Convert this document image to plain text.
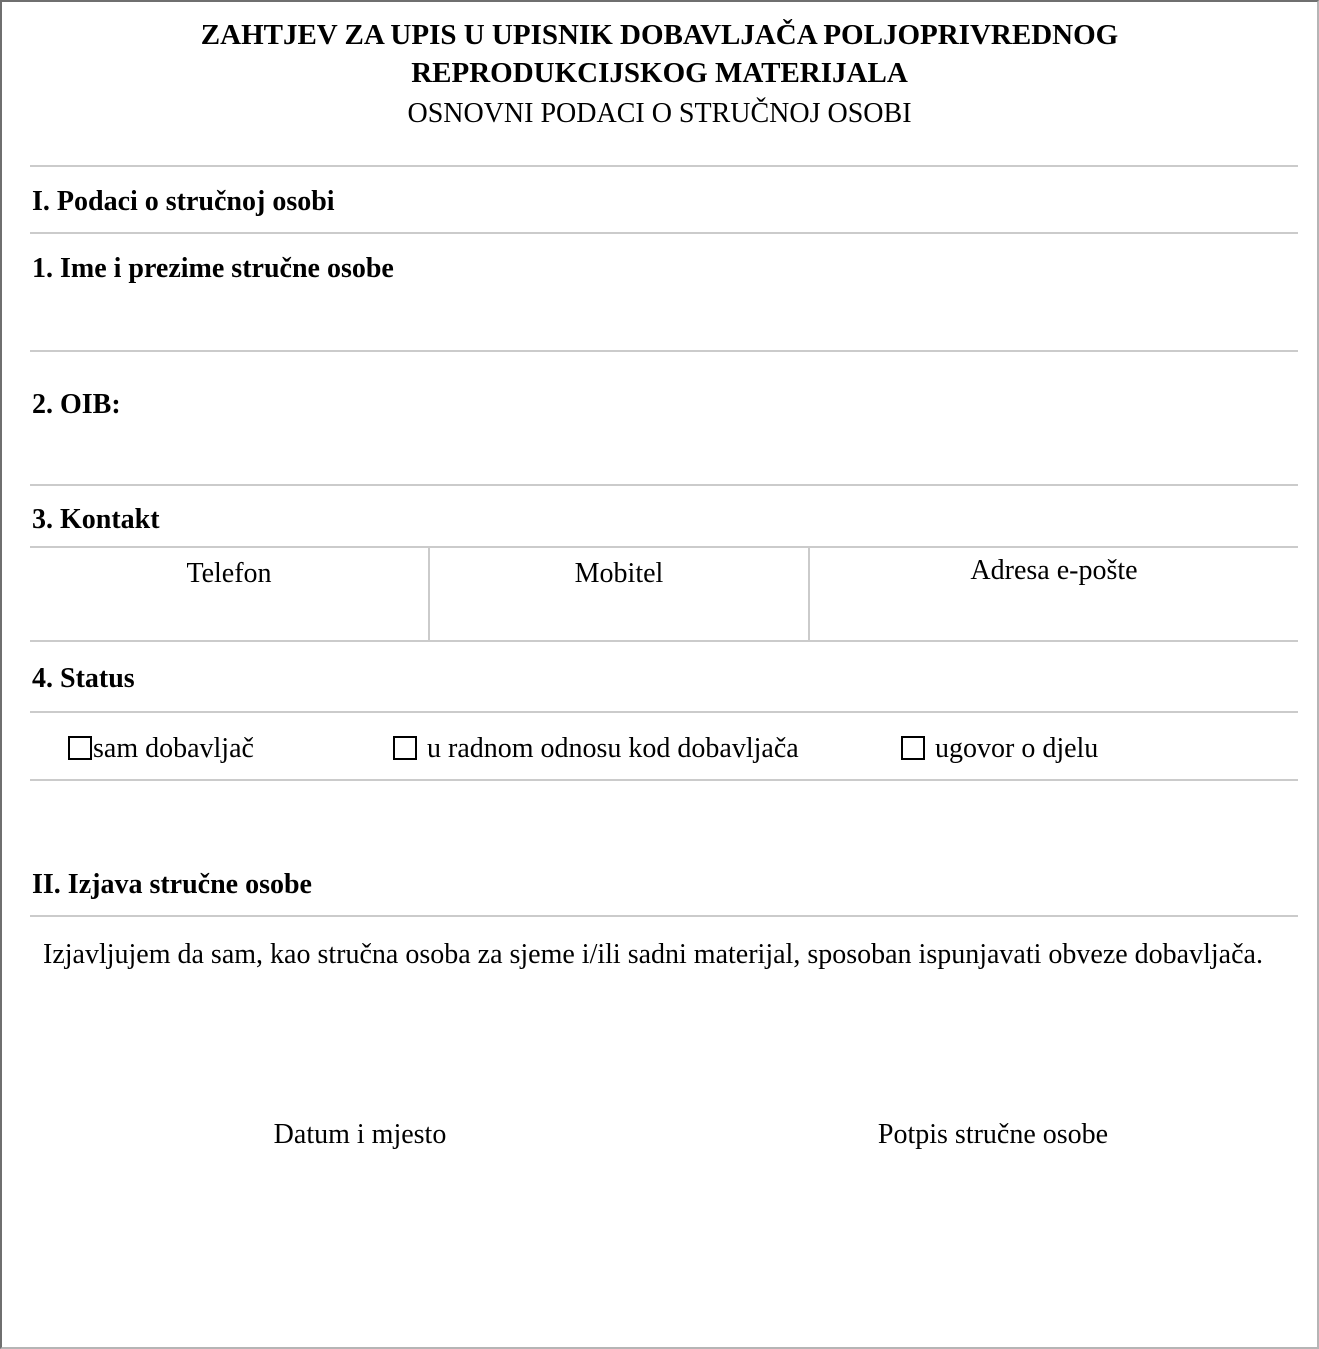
ZAHTJEV ZA UPIS U UPISNIK DOBAVLJAČA POLJOPRIVREDNOG
REPRODUKCIJSKOG MATERIJALA
OSNOVNI PODACI O STRUČNOJ OSOBI
I. Podaci o stručnoj osobi
1. Ime i prezime stručne osobe
2. OIB:
3. Kontakt
Telefon	Mobitel	Adresa e-pošte
4. Status
sam dobavljač	u radnom odnosu kod dobavljača	ugovor o djelu
II. Izjava stručne osobe

Izjavljujem da sam, kao stručna osoba za sjeme i/ili sadni materijal, sposoban ispunjavati obveze dobavljača.

Datum i mjesto	Potpis stručne osobe
